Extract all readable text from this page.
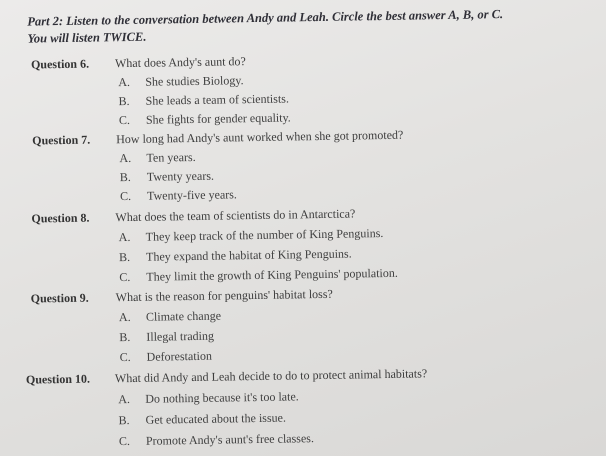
Part 2: Listen to the conversation between Andy and Leah. Circle the best answer A, B, or C.
You will listen TWICE.
Question 6. What does Andy's aunt do?
A. She studies Biology.
B. She leads a team of scientists.
C. She fights for gender equality.
Question 7. How long had Andy's aunt worked when she got promoted?
A. Ten years.
B. Twenty years.
C. Twenty-five years.
Question 8. What does the team of scientists do in Antarctica?
A. They keep track of the number of King Penguins.
B. They expand the habitat of King Penguins.
C. They limit the growth of King Penguins' population.
Question 9. What is the reason for penguins' habitat loss?
A. Climate change
B. Illegal trading
C. Deforestation
Question 10. What did Andy and Leah decide to do to protect animal habitats?
A. Do nothing because it's too late.
B. Get educated about the issue.
C. Promote Andy's aunt's free classes.
